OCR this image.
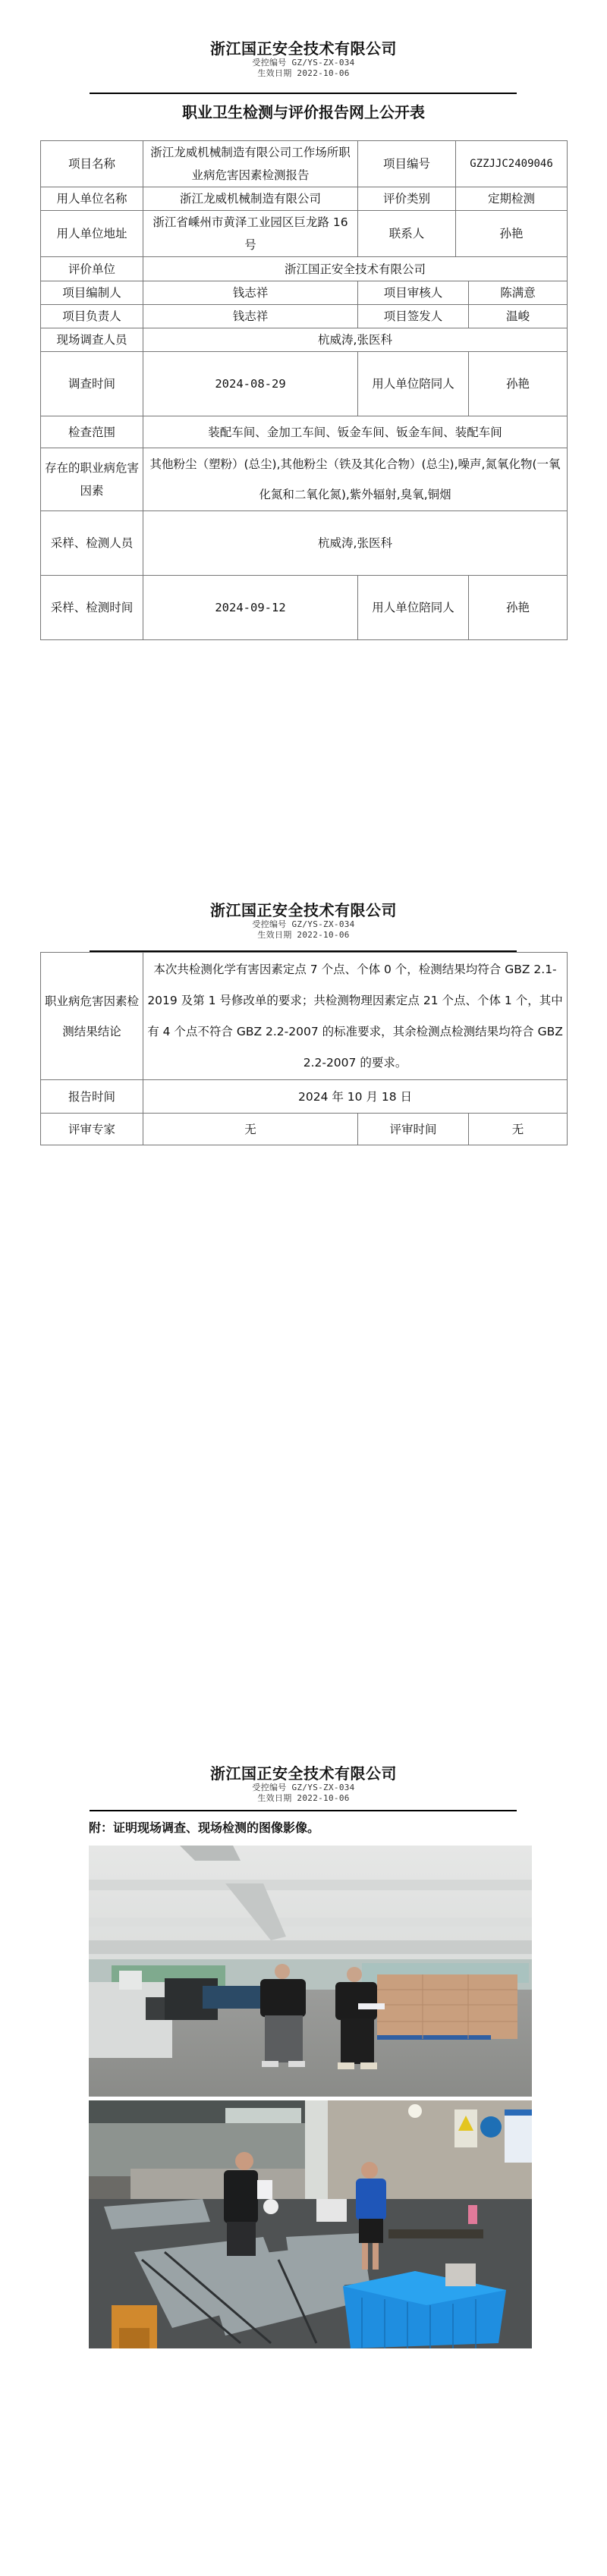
浙江国正安全技术有限公司
受控编号 GZ/YS-ZX-034
生效日期 2022-10-06
职业卫生检测与评价报告网上公开表
项目名称	浙江龙威机械制造有限公司工作场所职业病危害因素检测报告	项目编号	GZZJJC2409046	
用人单位名称	浙江龙威机械制造有限公司	评价类别	定期检测	
用人单位地址	浙江省嵊州市黄泽工业园区巨龙路 16 号	联系人	孙艳	
评价单位	浙江国正安全技术有限公司			
项目编制人	钱志祥	项目审核人		陈满意
项目负责人	钱志祥	项目签发人		温峻
现场调查人员	杭威涛,张医科			
调查时间	2024-08-29	用人单位陪同人		孙艳
检查范围	装配车间、金加工车间、钣金车间、钣金车间、装配车间			
存在的职业病危害因素	其他粉尘（塑粉）(总尘),其他粉尘（铁及其化合物）(总尘),噪声,氮氧化物(一氧化氮和二氧化氮),紫外辐射,臭氧,铜烟			
采样、检测人员	杭威涛,张医科			
采样、检测时间	2024-09-12	用人单位陪同人		孙艳
浙江国正安全技术有限公司
受控编号 GZ/YS-ZX-034
生效日期 2022-10-06
职业病危害因素检测结果结论	本次共检测化学有害因素定点 7 个点、个体 0 个，检测结果均符合 GBZ 2.1-2019 及第 1 号修改单的要求；共检测物理因素定点 21 个点、个体 1 个，其中有 4 个点不符合 GBZ 2.2-2007 的标准要求，其余检测点检测结果均符合 GBZ 2.2-2007 的要求。		
报告时间	2024 年 10 月 18 日		
评审专家	无	评审时间	无
浙江国正安全技术有限公司
受控编号 GZ/YS-ZX-034
生效日期 2022-10-06
附：证明现场调查、现场检测的图像影像。
